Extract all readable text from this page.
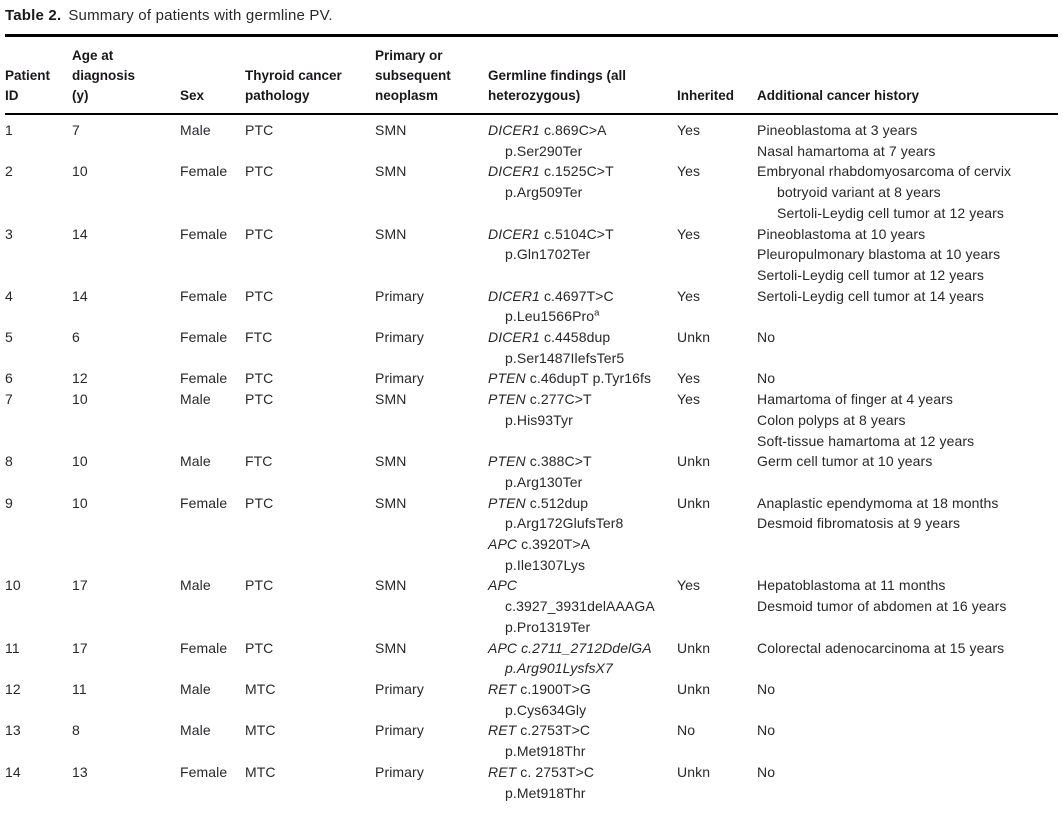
Table 2. Summary of patients with germline PV.
Patient ID	Age at diagnosis (y)	Sex	Thyroid cancer pathology	Primary or subsequent neoplasm	Germline findings (all heterozygous)	Inherited	Additional cancer history
1	7	Male	PTC	SMN	DICER1 c.869C>A
p.Ser290Ter
	Yes	Pineoblastoma at 3 years
Nasal hamartoma at 7 years

2	10	Female	PTC	SMN	DICER1 c.1525C>T
p.Arg509Ter
	Yes	Embryonal rhabdomyosarcoma of cervix
botryoid variant at 8 years
Sertoli-Leydig cell tumor at 12 years

3	14	Female	PTC	SMN	DICER1 c.5104C>T
p.Gln1702Ter
	Yes	Pineoblastoma at 10 years
Pleuropulmonary blastoma at 10 years
Sertoli-Leydig cell tumor at 12 years

4	14	Female	PTC	Primary	DICER1 c.4697T>C
p.Leu1566Pro$^a$	Yes	Sertoli-Leydig cell tumor at 14 years

5	6	Female	FTC	Primary	DICER1 c.4458dup
p.Ser1487IlefsTer5	Unkn	No

6	12	Female	PTC	Primary	PTEN c.46dupT p.Tyr16fs	Yes	No

7	10	Male	PTC	SMN	PTEN c.277C>T
p.His93Tyr
	Yes	Hamartoma of finger at 4 years
Colon polyps at 8 years
Soft-tissue hamartoma at 12 years

8	10	Male	FTC	SMN	PTEN c.388C>T
p.Arg130Ter	Unkn	Germ cell tumor at 10 years

9	10	Female	PTC	SMN	PTEN c.512dup
p.Arg172GlufsTer8
APC c.3920T>A
p.Ile1307Lys
	Unkn	Anaplastic ependymoma at 18 months
Desmoid fibromatosis at 9 years

10	17	Male	PTC	SMN	APC
c.3927_3931delAAAGA
p.Pro1319Ter
	Yes	Hepatoblastoma at 11 months
Desmoid tumor of abdomen at 16 years

11	17	Female	PTC	SMN	APC c.2711_2712DdelGA
p.Arg901LysfsX7	Unkn	Colorectal adenocarcinoma at 15 years

12	11	Male	MTC	Primary	RET c.1900T>G
p.Cys634Gly	Unkn	No

13	8	Male	MTC	Primary	RET c.2753T>C
p.Met918Thr	No	No

14	13	Female	MTC	Primary	RET c. 2753T>C
p.Met918Thr	Unkn	No
